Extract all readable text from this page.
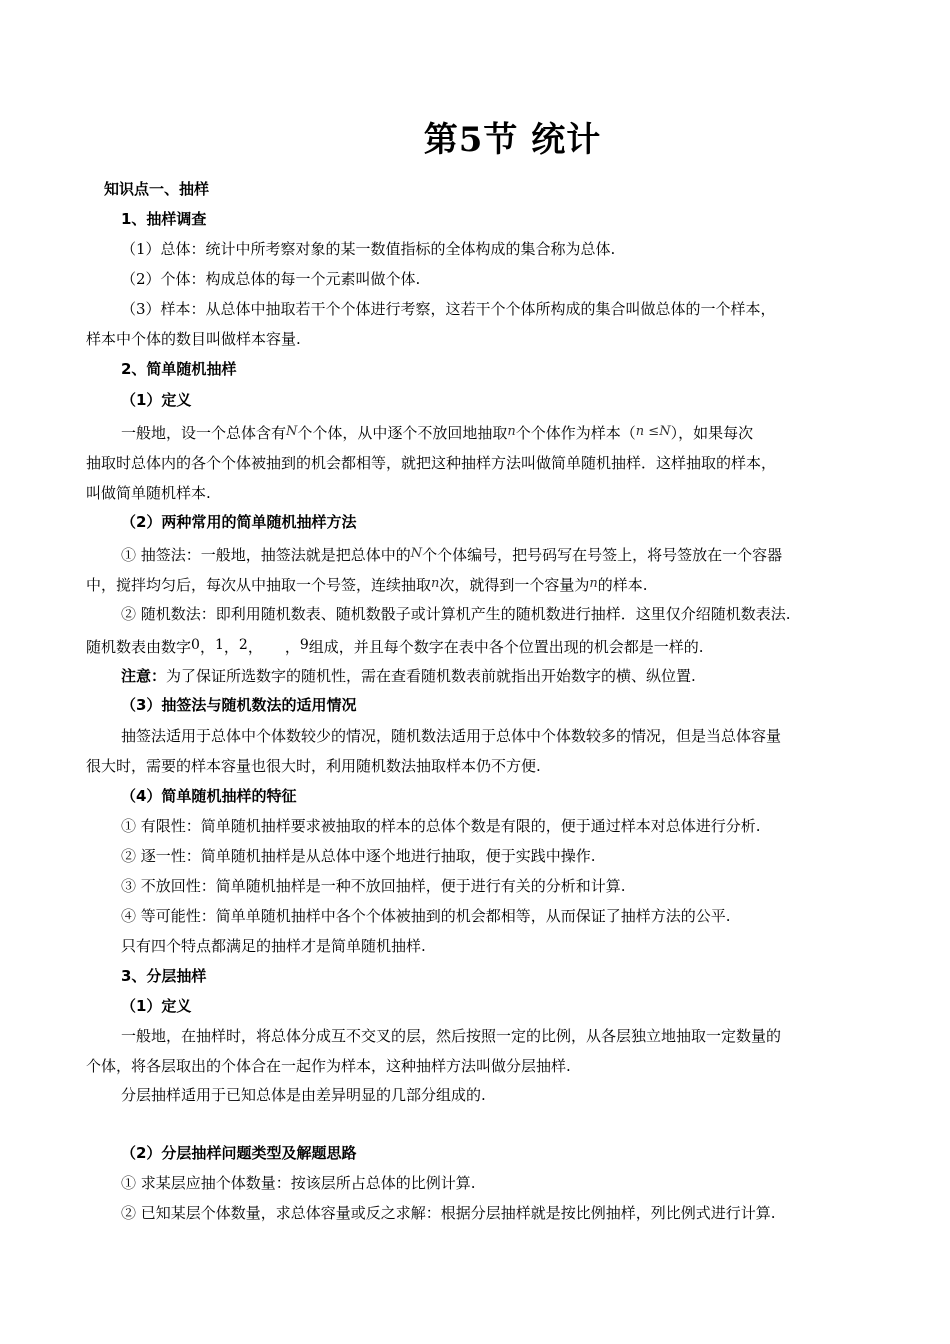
第5节 统计
知识点一、抽样
1、抽样调查
（1）总体：统计中所考察对象的某一数值指标的全体构成的集合称为总体.
（2）个体：构成总体的每一个元素叫做个体.
（3）样本：从总体中抽取若干个个体进行考察，这若干个个体所构成的集合叫做总体的一个样本，
样本中个体的数目叫做样本容量.
2、简单随机抽样
（1）定义
一般地，设一个总体含有N个个体，从中逐个不放回地抽取n个个体作为样本（n ≤N），如果每次
抽取时总体内的各个个体被抽到的机会都相等，就把这种抽样方法叫做简单随机抽样．这样抽取的样本，
叫做简单随机样本.
（2）两种常用的简单随机抽样方法
① 抽签法：一般地，抽签法就是把总体中的N个个体编号，把号码写在号签上，将号签放在一个容器
中，搅拌均匀后，每次从中抽取一个号签，连续抽取n次，就得到一个容量为n的样本.
② 随机数法：即利用随机数表、随机数骰子或计算机产生的随机数进行抽样．这里仅介绍随机数表法.
随机数表由数字0，1，2， ，9组成，并且每个数字在表中各个位置出现的机会都是一样的.
注意：为了保证所选数字的随机性，需在查看随机数表前就指出开始数字的横、纵位置.
（3）抽签法与随机数法的适用情况
抽签法适用于总体中个体数较少的情况，随机数法适用于总体中个体数较多的情况，但是当总体容量
很大时，需要的样本容量也很大时，利用随机数法抽取样本仍不方便.
（4）简单随机抽样的特征
① 有限性：简单随机抽样要求被抽取的样本的总体个数是有限的，便于通过样本对总体进行分析.
② 逐一性：简单随机抽样是从总体中逐个地进行抽取，便于实践中操作.
③ 不放回性：简单随机抽样是一种不放回抽样，便于进行有关的分析和计算.
④ 等可能性：简单单随机抽样中各个个体被抽到的机会都相等，从而保证了抽样方法的公平.
只有四个特点都满足的抽样才是简单随机抽样.
3、分层抽样
（1）定义
一般地，在抽样时，将总体分成互不交叉的层，然后按照一定的比例，从各层独立地抽取一定数量的
个体，将各层取出的个体合在一起作为样本，这种抽样方法叫做分层抽样.
分层抽样适用于已知总体是由差异明显的几部分组成的.
（2）分层抽样问题类型及解题思路
① 求某层应抽个体数量：按该层所占总体的比例计算.
② 已知某层个体数量，求总体容量或反之求解：根据分层抽样就是按比例抽样，列比例式进行计算.
